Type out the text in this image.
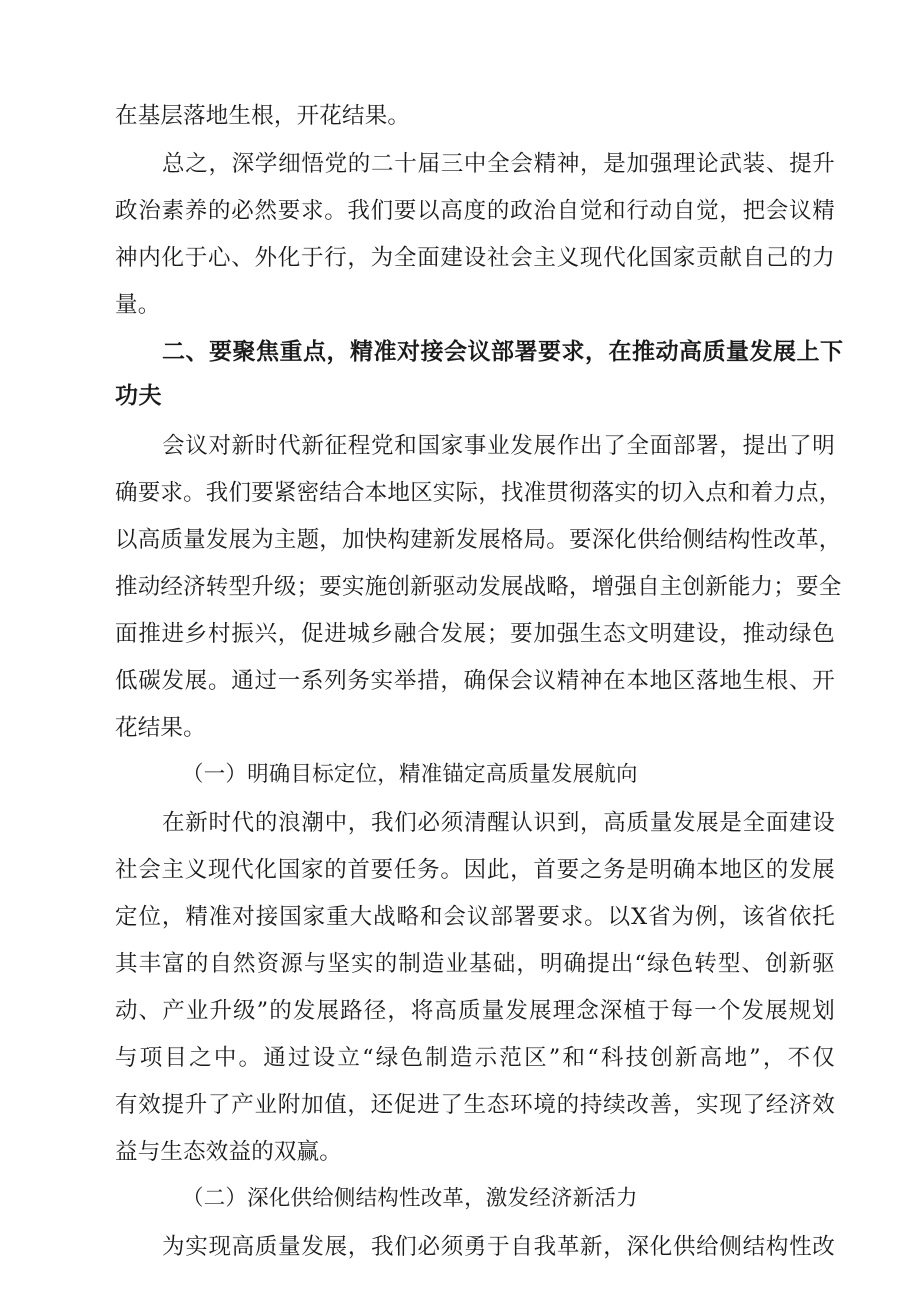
在基层落地生根，开花结果。
总之，深学细悟党的二十届三中全会精神，是加强理论武装、提升
政治素养的必然要求。我们要以高度的政治自觉和行动自觉，把会议精
神内化于心、外化于行，为全面建设社会主义现代化国家贡献自己的力
量。
二、要聚焦重点，精准对接会议部署要求，在推动高质量发展上下
功夫
会议对新时代新征程党和国家事业发展作出了全面部署，提出了明
确要求。我们要紧密结合本地区实际，找准贯彻落实的切入点和着力点，
以高质量发展为主题，加快构建新发展格局。要深化供给侧结构性改革，
推动经济转型升级；要实施创新驱动发展战略，增强自主创新能力；要全
面推进乡村振兴，促进城乡融合发展；要加强生态文明建设，推动绿色
低碳发展。通过一系列务实举措，确保会议精神在本地区落地生根、开
花结果。
（一）明确目标定位，精准锚定高质量发展航向
在新时代的浪潮中，我们必须清醒认识到，高质量发展是全面建设
社会主义现代化国家的首要任务。因此，首要之务是明确本地区的发展
定位，精准对接国家重大战略和会议部署要求。以X省为例，该省依托
其丰富的自然资源与坚实的制造业基础，明确提出“绿色转型、创新驱
动、产业升级”的发展路径，将高质量发展理念深植于每一个发展规划
与项目之中。通过设立“绿色制造示范区”和“科技创新高地”，不仅
有效提升了产业附加值，还促进了生态环境的持续改善，实现了经济效
益与生态效益的双赢。
（二）深化供给侧结构性改革，激发经济新活力
为实现高质量发展，我们必须勇于自我革新，深化供给侧结构性改
